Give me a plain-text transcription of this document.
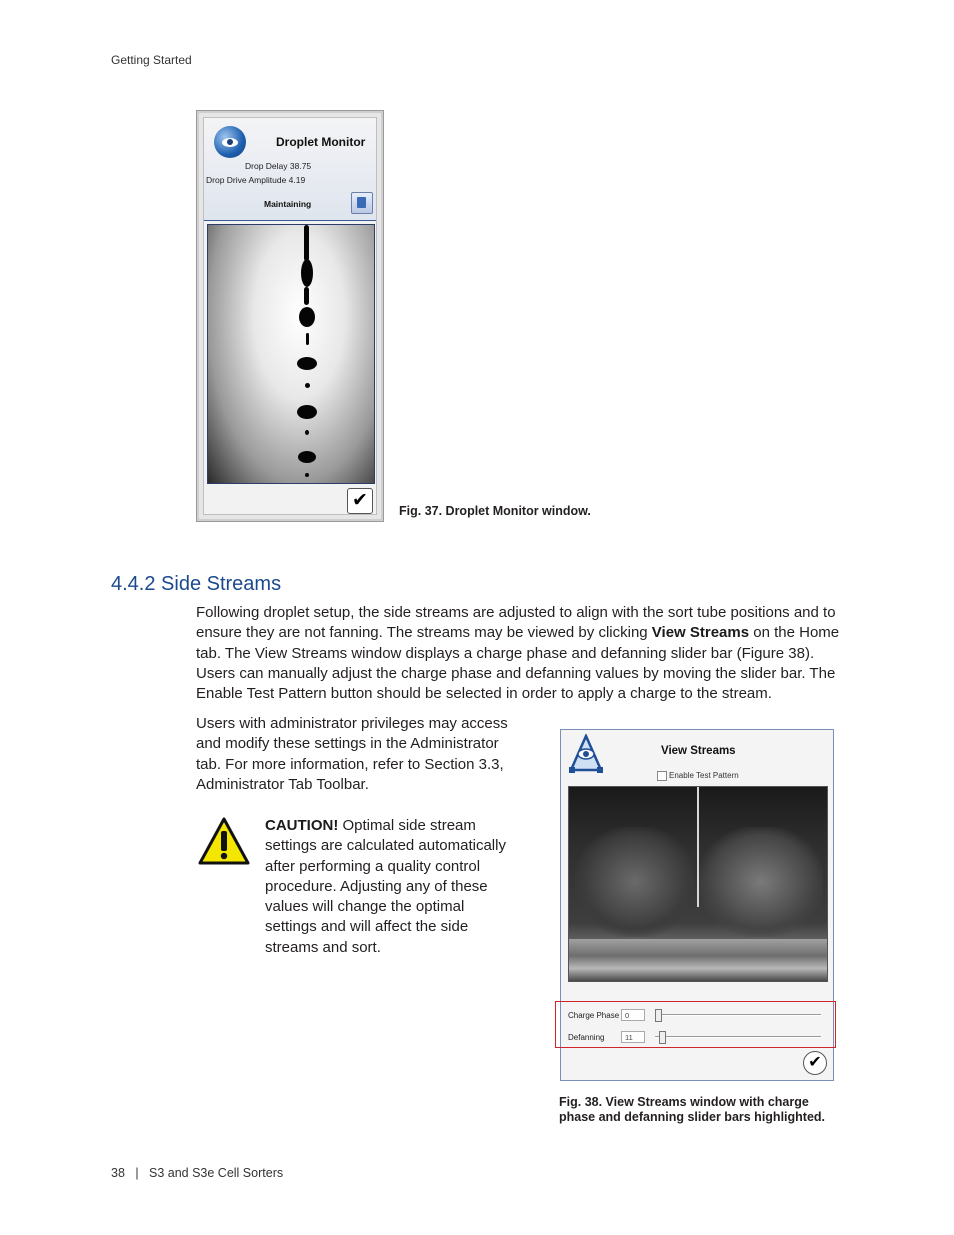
Getting Started
Droplet Monitor
Drop Delay 38.75
Drop Drive Amplitude 4.19
Maintaining
✔	Fig. 37. Droplet Monitor window.
4.4.2 Side Streams
Following droplet setup, the side streams are adjusted to align with the sort tube positions and to ensure they are not fanning. The streams may be viewed by clicking View Streams on the Home tab. The View Streams window displays a charge phase and defanning slider bar (Figure 38). Users can manually adjust the charge phase and defanning values by moving the slider bar. The Enable Test Pattern button should be selected in order to apply a charge to the stream.
Users with administrator privileges may access and modify these settings in the Administrator tab. For more information, refer to Section 3.3, Administrator Tab Toolbar.
CAUTION! Optimal side stream settings are calculated automatically after performing a quality control procedure. Adjusting any of these values will change the optimal settings and will affect the side streams and sort.
View Streams
Enable Test Pattern
Charge Phase 0
Defanning	11
✔
Fig. 38. View Streams window with charge
phase and defanning slider bars highlighted.
38 | S3 and S3e Cell Sorters
